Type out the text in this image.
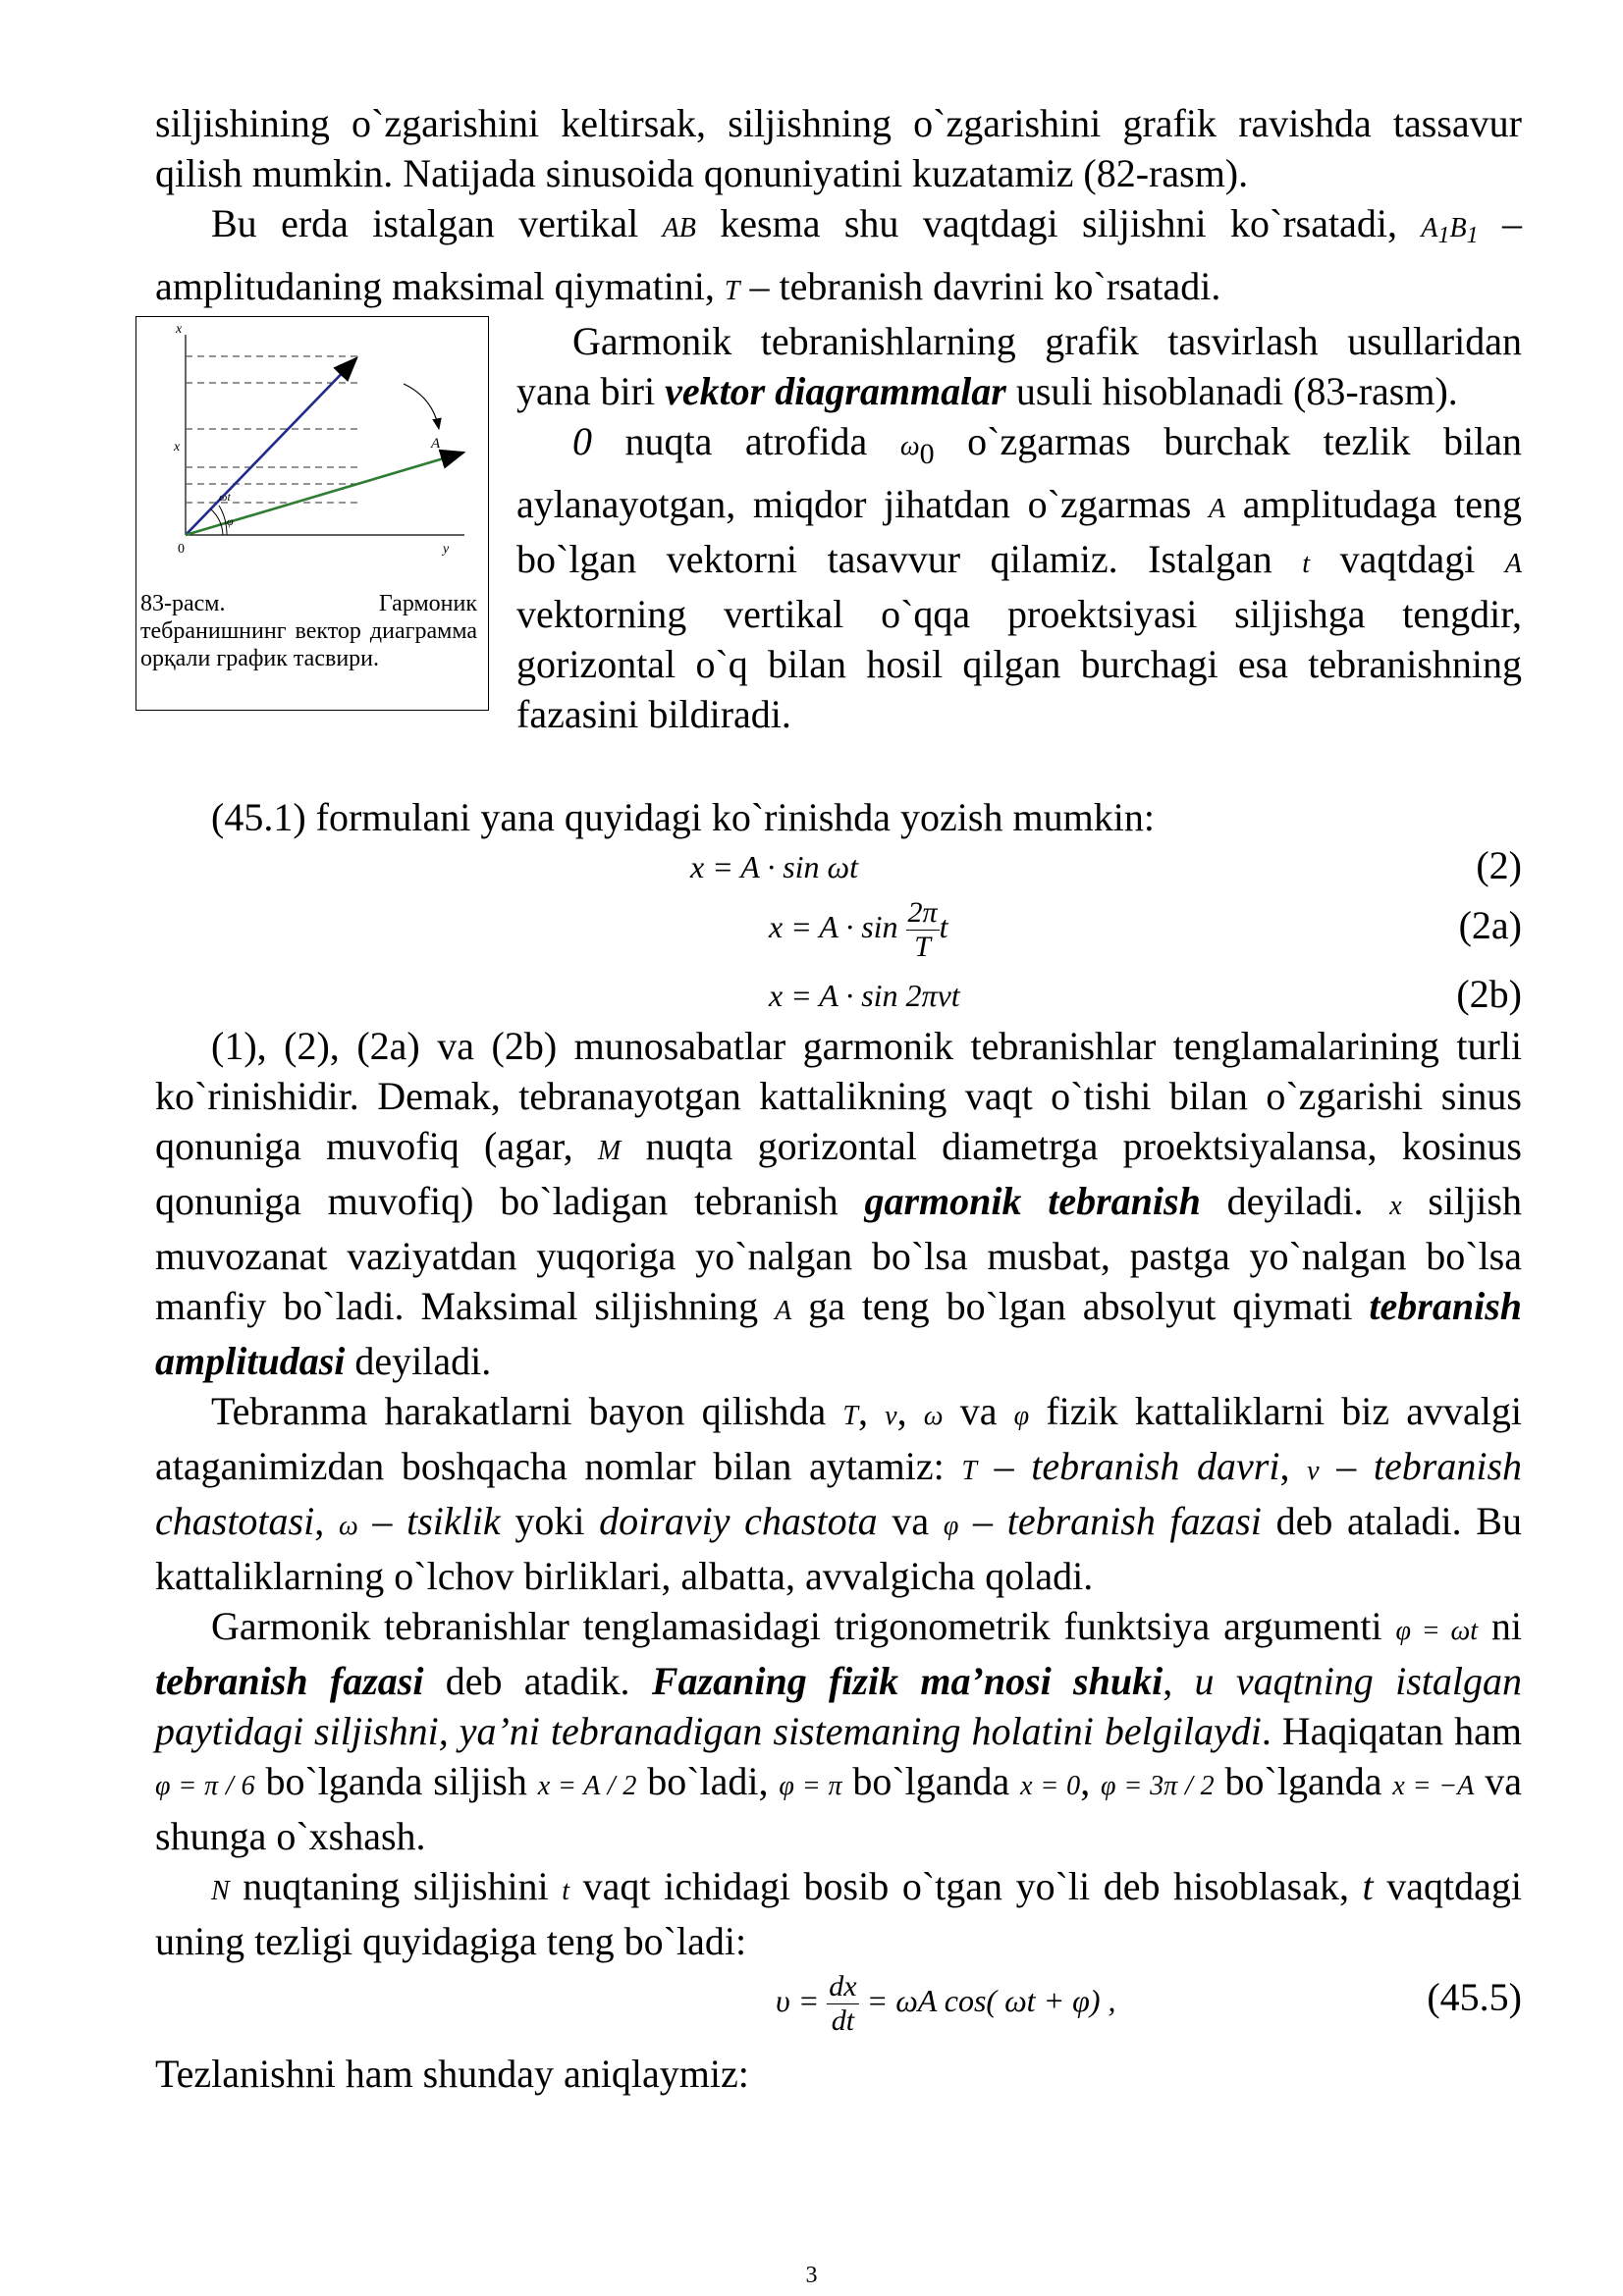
siljishining o`zgarishini keltirsak, siljishning o`zgarishini grafik ravishda tassavur qilish mumkin. Natijada sinusoida qonuniyatini kuzatamiz (82-rasm).

Bu erda istalgan vertikal AB kesma shu vaqtdagi siljishni ko`rsatadi, $A_1B_1$ – amplitudaning maksimal qiymatini, T – tebranish davrini ko`rsatadi.

x
x	A
ωt
φ
0	y
83-расм. Гармоник тебранишнинг вектор диаграмма орқали график тасвири.

Garmonik tebranishlarning grafik tasvirlash usullaridan yana biri vektor diagrammalar usuli hisoblanadi (83-rasm).

0 nuqta atrofida $\omega_0$ o`zgarmas burchak tezlik bilan aylanayotgan, miqdor jihatdan o`zgarmas A amplitudaga teng bo`lgan vektorni tasavvur qilamiz. Istalgan t vaqtdagi A vektorning vertikal o`qqa proektsiyasi siljishga tengdir, gorizontal o`q bilan hosil qilgan burchagi esa tebranishning fazasini bildiradi.

(45.1) formulani yana quyidagi ko`rinishda yozish mumkin:

x = A · sin ωt	(2)
$x = A \cdot \sin \frac{2\pi}{T}$ t	(2a)
x = A · sin 2πνt	(2b)

(1), (2), (2a) va (2b) munosabatlar garmonik tebranishlar tenglamalarining turli ko`rinishidir. Demak, tebranayotgan kattalikning vaqt o`tishi bilan o`zgarishi sinus qonuniga muvofiq (agar, M nuqta gorizontal diametrga proektsiyalansa, kosinus qonuniga muvofiq) bo`ladigan tebranish garmonik tebranish deyiladi. x siljish muvozanat vaziyatdan yuqoriga yo`nalgan bo`lsa musbat, pastga yo`nalgan bo`lsa manfiy bo`ladi. Maksimal siljishning A ga teng bo`lgan absolyut qiymati tebranish amplitudasi deyiladi.

Tebranma harakatlarni bayon qilishda T, ν, ω va φ fizik kattaliklarni biz avvalgi ataganimizdan boshqacha nomlar bilan aytamiz: T – tebranish davri, ν – tebranish chastotasi, ω – tsiklik yoki doiraviy chastota va φ – tebranish fazasi deb ataladi. Bu kattaliklarning o`lchov birliklari, albatta, avvalgicha qoladi.

Garmonik tebranishlar tenglamasidagi trigonometrik funktsiya argumenti φ = ωt ni tebranish fazasi deb atadik. Fazaning fizik ma’nosi shuki, u vaqtning istalgan paytidagi siljishni, ya’ni tebranadigan sistemaning holatini belgilaydi. Haqiqatan ham φ = π / 6 bo`lganda siljish x = A / 2 bo`ladi, φ = π bo`lganda x = 0, φ = 3π / 2 bo`lganda x = −A va shunga o`xshash.

N nuqtaning siljishini t vaqt ichidagi bosib o`tgan yo`li deb hisoblasak, t vaqtdagi uning tezligi quyidagiga teng bo`ladi:

$\upsilon = \frac{dx}{dt} = \omega A$ cos( ωt + φ) ,	(45.5)

Tezlanishni ham shunday aniqlaymiz:

3
